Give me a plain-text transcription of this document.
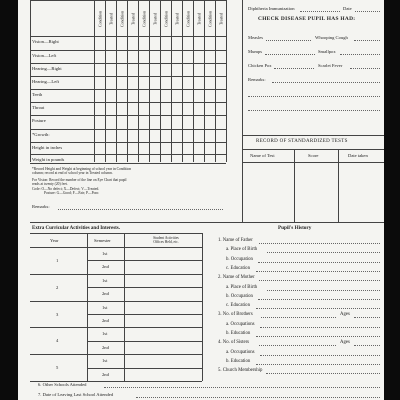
Condition Treated Condition Treated Condition Treated Condition Treated Condition Treated Condition Treated
Vision—Right
Vision—Left
Hearing—Right
Hearing—Left
Teeth
Throat
Posture
*Growth:
Height in inches
Weight in pounds
*Record Height and Weight at beginning of school year in Condition
column; record at end of school year in Treated column.
For Vision: Record the number of the line on Eye Chart that pupil
reads at twenty (20) feet.
Code: O—No defect; X—Defect; V—Treated.
Posture: G—Good; F—Fair; P—Poor.
Remarks:
Diphtheria Immunization	Date
CHECK DISEASE PUPIL HAS HAD:
Measles	Whooping Cough
Mumps	Smallpox
Chicken Pox	Scarlet Fever
Remarks:
RECORD OF STANDARDIZED TESTS
Name of Test	Score	Date taken
Extra Curricular Activities and Interests.	Pupil's History
Year	Semester	Student Activities
Offices Held, etc.
1
1st
2nd
2
1st
2nd
3
1st
2nd
4
1st
2nd
5
1st
2nd
1. Name of Father
a. Place of Birth
b. Occupation
c. Education
2. Name of Mother
a. Place of Birth
b. Occupation
c. Education
3. No. of Brothers	Ages
a. Occupations
b. Education
4. No. of Sisters	Ages
a. Occupations
b. Education
5. Church Membership
6. Other Schools Attended
7. Date of Leaving Last School Attended
